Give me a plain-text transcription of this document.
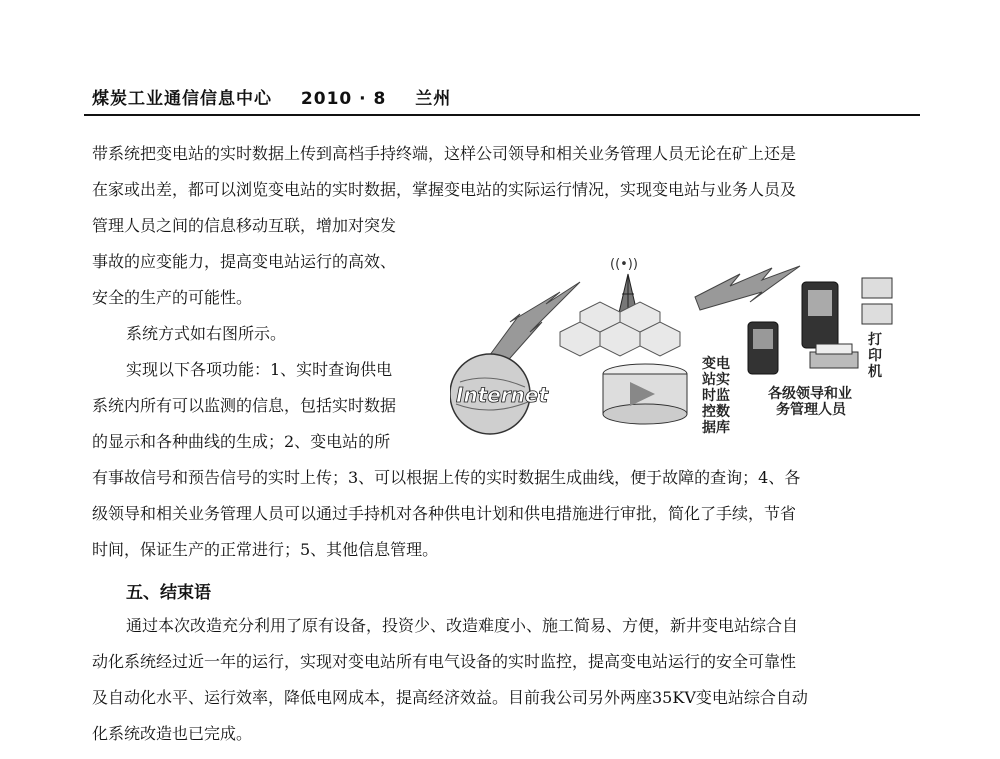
煤炭工业通信信息中心 2010 · 8 兰州
带系统把变电站的实时数据上传到高档手持终端，这样公司领导和相关业务管理人员无论在矿上还是
在家或出差，都可以浏览变电站的实时数据，掌握变电站的实际运行情况，实现变电站与业务人员及
管理人员之间的信息移动互联，增加对突发
事故的应变能力，提高变电站运行的高效、
安全的生产的可能性。
系统方式如右图所示。
实现以下各项功能：1、实时查询供电
系统内所有可以监测的信息，包括实时数据
的显示和各种曲线的生成；2、变电站的所
有事故信号和预告信号的实时上传；3、可以根据上传的实时数据生成曲线，便于故障的查询；4、各
级领导和相关业务管理人员可以通过手持机对各种供电计划和供电措施进行审批，简化了手续，节省
时间，保证生产的正常进行；5、其他信息管理。
((•))
Internet
变电
站实
时监
控数
据库
打
印
机
各级领导和业
务管理人员
五、结束语
通过本次改造充分利用了原有设备，投资少、改造难度小、施工简易、方便，新井变电站综合自
动化系统经过近一年的运行，实现对变电站所有电气设备的实时监控，提高变电站运行的安全可靠性
及自动化水平、运行效率，降低电网成本，提高经济效益。目前我公司另外两座35KV变电站综合自动
化系统改造也已完成。
